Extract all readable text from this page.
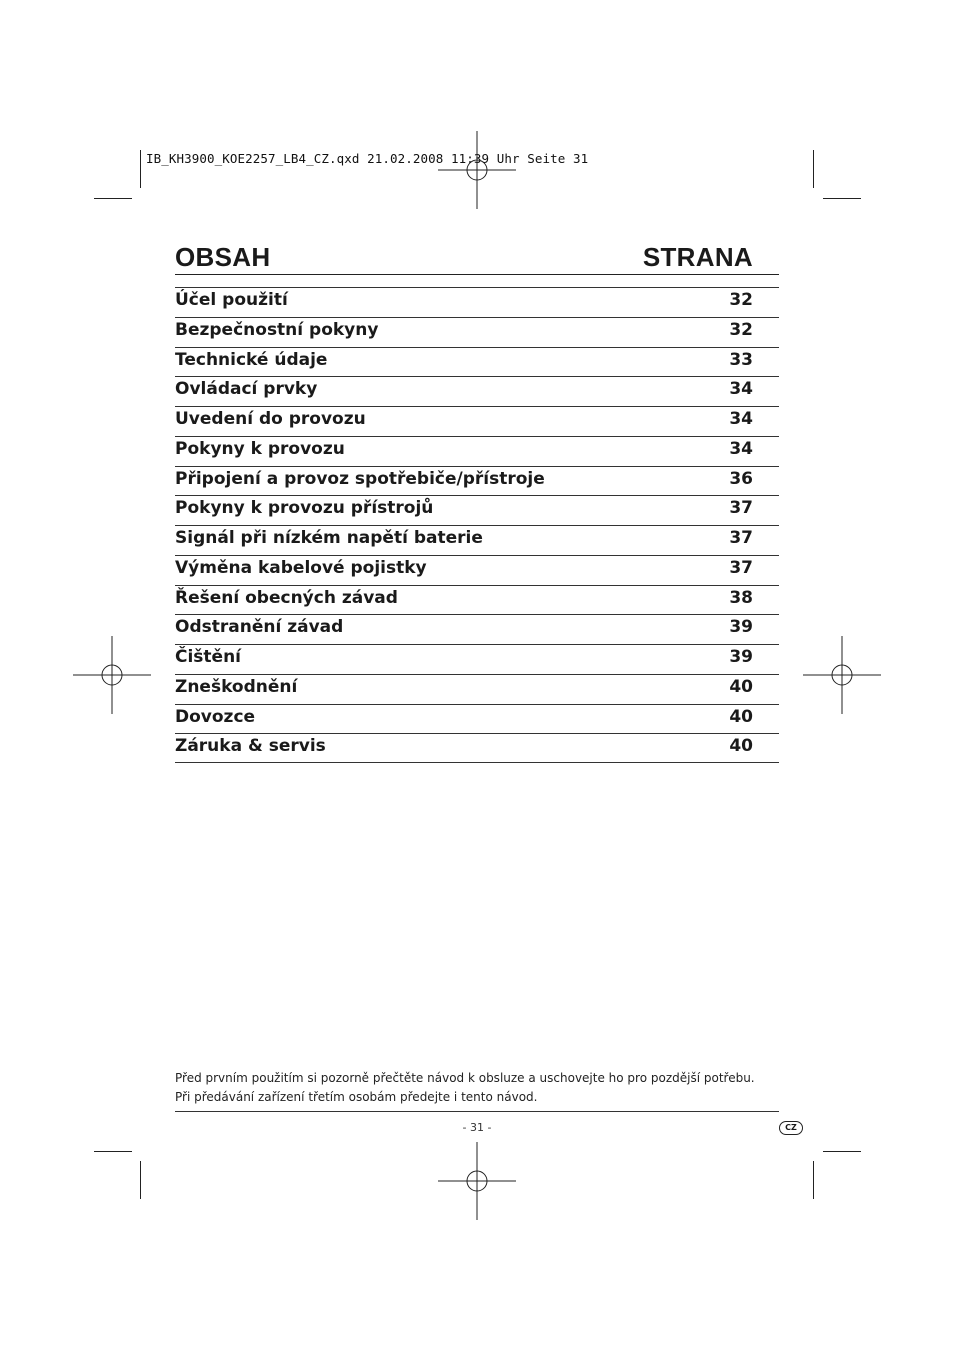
IB_KH3900_KOE2257_LB4_CZ.qxd 21.02.2008 11:39 Uhr Seite 31
OBSAH	STRANA
Účel použití	32
Bezpečnostní pokyny	32
Technické údaje	33
Ovládací prvky	34
Uvedení do provozu	34
Pokyny k provozu	34
Připojení a provoz spotřebiče/přístroje	36
Pokyny k provozu přístrojů	37
Signál při nízkém napětí baterie	37
Výměna kabelové pojistky	37
Řešení obecných závad	38
Odstranění závad	39
Čištění	39
Zneškodnění	40
Dovozce	40
Záruka & servis	40
Před prvním použitím si pozorně přečtěte návod k obsluze a uschovejte ho pro pozdější potřebu.
Při předávání zařízení třetím osobám předejte i tento návod.
- 31 -	CZ
